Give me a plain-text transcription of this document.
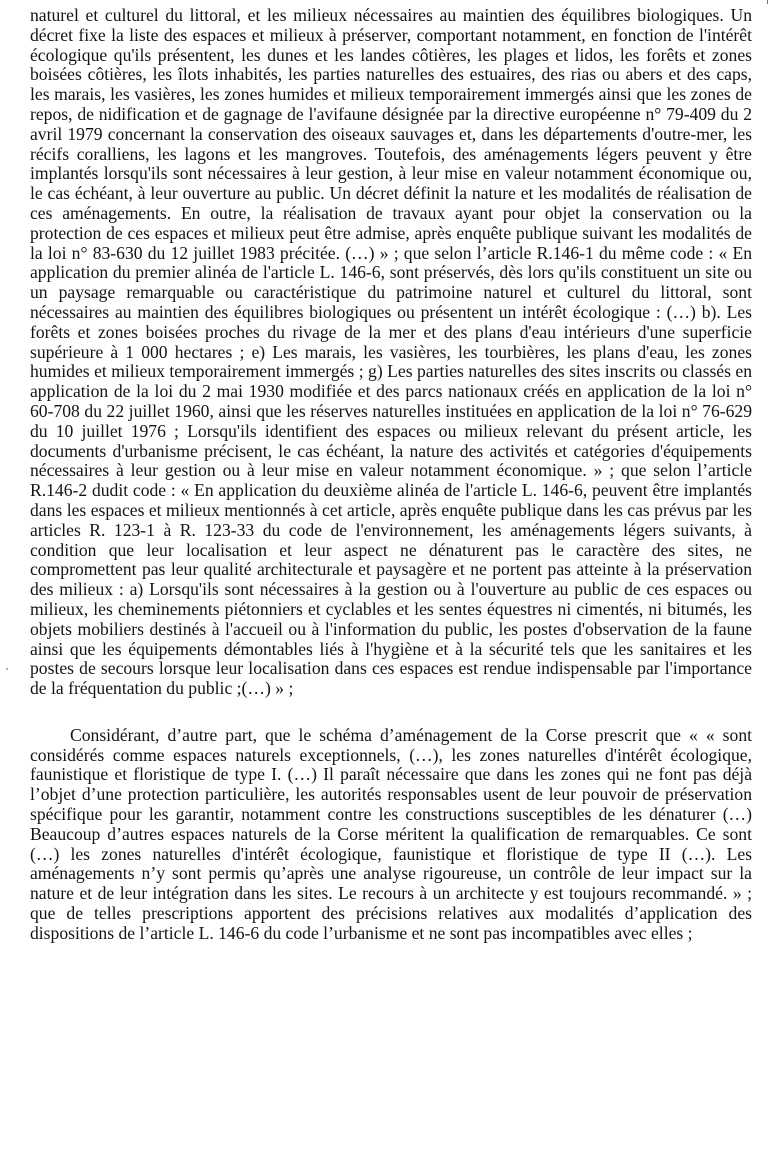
naturel et culturel du littoral, et les milieux nécessaires au maintien des équilibres biologiques. Un décret fixe la liste des espaces et milieux à préserver, comportant notamment, en fonction de l'intérêt écologique qu'ils présentent, les dunes et les landes côtières, les plages et lidos, les forêts et zones boisées côtières, les îlots inhabités, les parties naturelles des estuaires, des rias ou abers et des caps, les marais, les vasières, les zones humides et milieux temporairement immergés ainsi que les zones de repos, de nidification et de gagnage de l'avifaune désignée par la directive européenne n° 79-409 du 2 avril 1979 concernant la conservation des oiseaux sauvages et, dans les départements d'outre-mer, les récifs coralliens, les lagons et les mangroves. Toutefois, des aménagements légers peuvent y être implantés lorsqu'ils sont nécessaires à leur gestion, à leur mise en valeur notamment économique ou, le cas échéant, à leur ouverture au public. Un décret définit la nature et les modalités de réalisation de ces aménagements. En outre, la réalisation de travaux ayant pour objet la conservation ou la protection de ces espaces et milieux peut être admise, après enquête publique suivant les modalités de la loi n° 83-630 du 12 juillet 1983 précitée. (…) » ; que selon l’article R.146-1 du même code : « En application du premier alinéa de l'article L. 146-6, sont préservés, dès lors qu'ils constituent un site ou un paysage remarquable ou caractéristique du patrimoine naturel et culturel du littoral, sont nécessaires au maintien des équilibres biologiques ou présentent un intérêt écologique : (…) b). Les forêts et zones boisées proches du rivage de la mer et des plans d'eau intérieurs d'une superficie supérieure à 1 000 hectares ; e) Les marais, les vasières, les tourbières, les plans d'eau, les zones humides et milieux temporairement immergés ; g) Les parties naturelles des sites inscrits ou classés en application de la loi du 2 mai 1930 modifiée et des parcs nationaux créés en application de la loi n° 60-708 du 22 juillet 1960, ainsi que les réserves naturelles instituées en application de la loi n° 76-629 du 10 juillet 1976 ; Lorsqu'ils identifient des espaces ou milieux relevant du présent article, les documents d'urbanisme précisent, le cas échéant, la nature des activités et catégories d'équipements nécessaires à leur gestion ou à leur mise en valeur notamment économique. » ; que selon l’article R.146-2 dudit code : « En application du deuxième alinéa de l'article L. 146-6, peuvent être implantés dans les espaces et milieux mentionnés à cet article, après enquête publique dans les cas prévus par les articles R. 123-1 à R. 123-33 du code de l'environnement, les aménagements légers suivants, à condition que leur localisation et leur aspect ne dénaturent pas le caractère des sites, ne compromettent pas leur qualité architecturale et paysagère et ne portent pas atteinte à la préservation des milieux : a) Lorsqu'ils sont nécessaires à la gestion ou à l'ouverture au public de ces espaces ou milieux, les cheminements piétonniers et cyclables et les sentes équestres ni cimentés, ni bitumés, les objets mobiliers destinés à l'accueil ou à l'information du public, les postes d'observation de la faune ainsi que les équipements démontables liés à l'hygiène et à la sécurité tels que les sanitaires et les postes de secours lorsque leur localisation dans ces espaces est rendue indispensable par l'importance de la fréquentation du public ;(…) » ;

Considérant, d’autre part, que le schéma d’aménagement de la Corse prescrit que « « sont considérés comme espaces naturels exceptionnels, (…), les zones naturelles d'intérêt écologique, faunistique et floristique de type I. (…) Il paraît nécessaire que dans les zones qui ne font pas déjà l’objet d’une protection particulière, les autorités responsables usent de leur pouvoir de préservation spécifique pour les garantir, notamment contre les constructions susceptibles de les dénaturer (…) Beaucoup d’autres espaces naturels de la Corse méritent la qualification de remarquables. Ce sont (…) les zones naturelles d'intérêt écologique, faunistique et floristique de type II (…). Les aménagements n’y sont permis qu’après une analyse rigoureuse, un contrôle de leur impact sur la nature et de leur intégration dans les sites. Le recours à un architecte y est toujours recommandé. » ; que de telles prescriptions apportent des précisions relatives aux modalités d’application des dispositions de l’article L. 146-6 du code l’urbanisme et ne sont pas incompatibles avec elles ;
